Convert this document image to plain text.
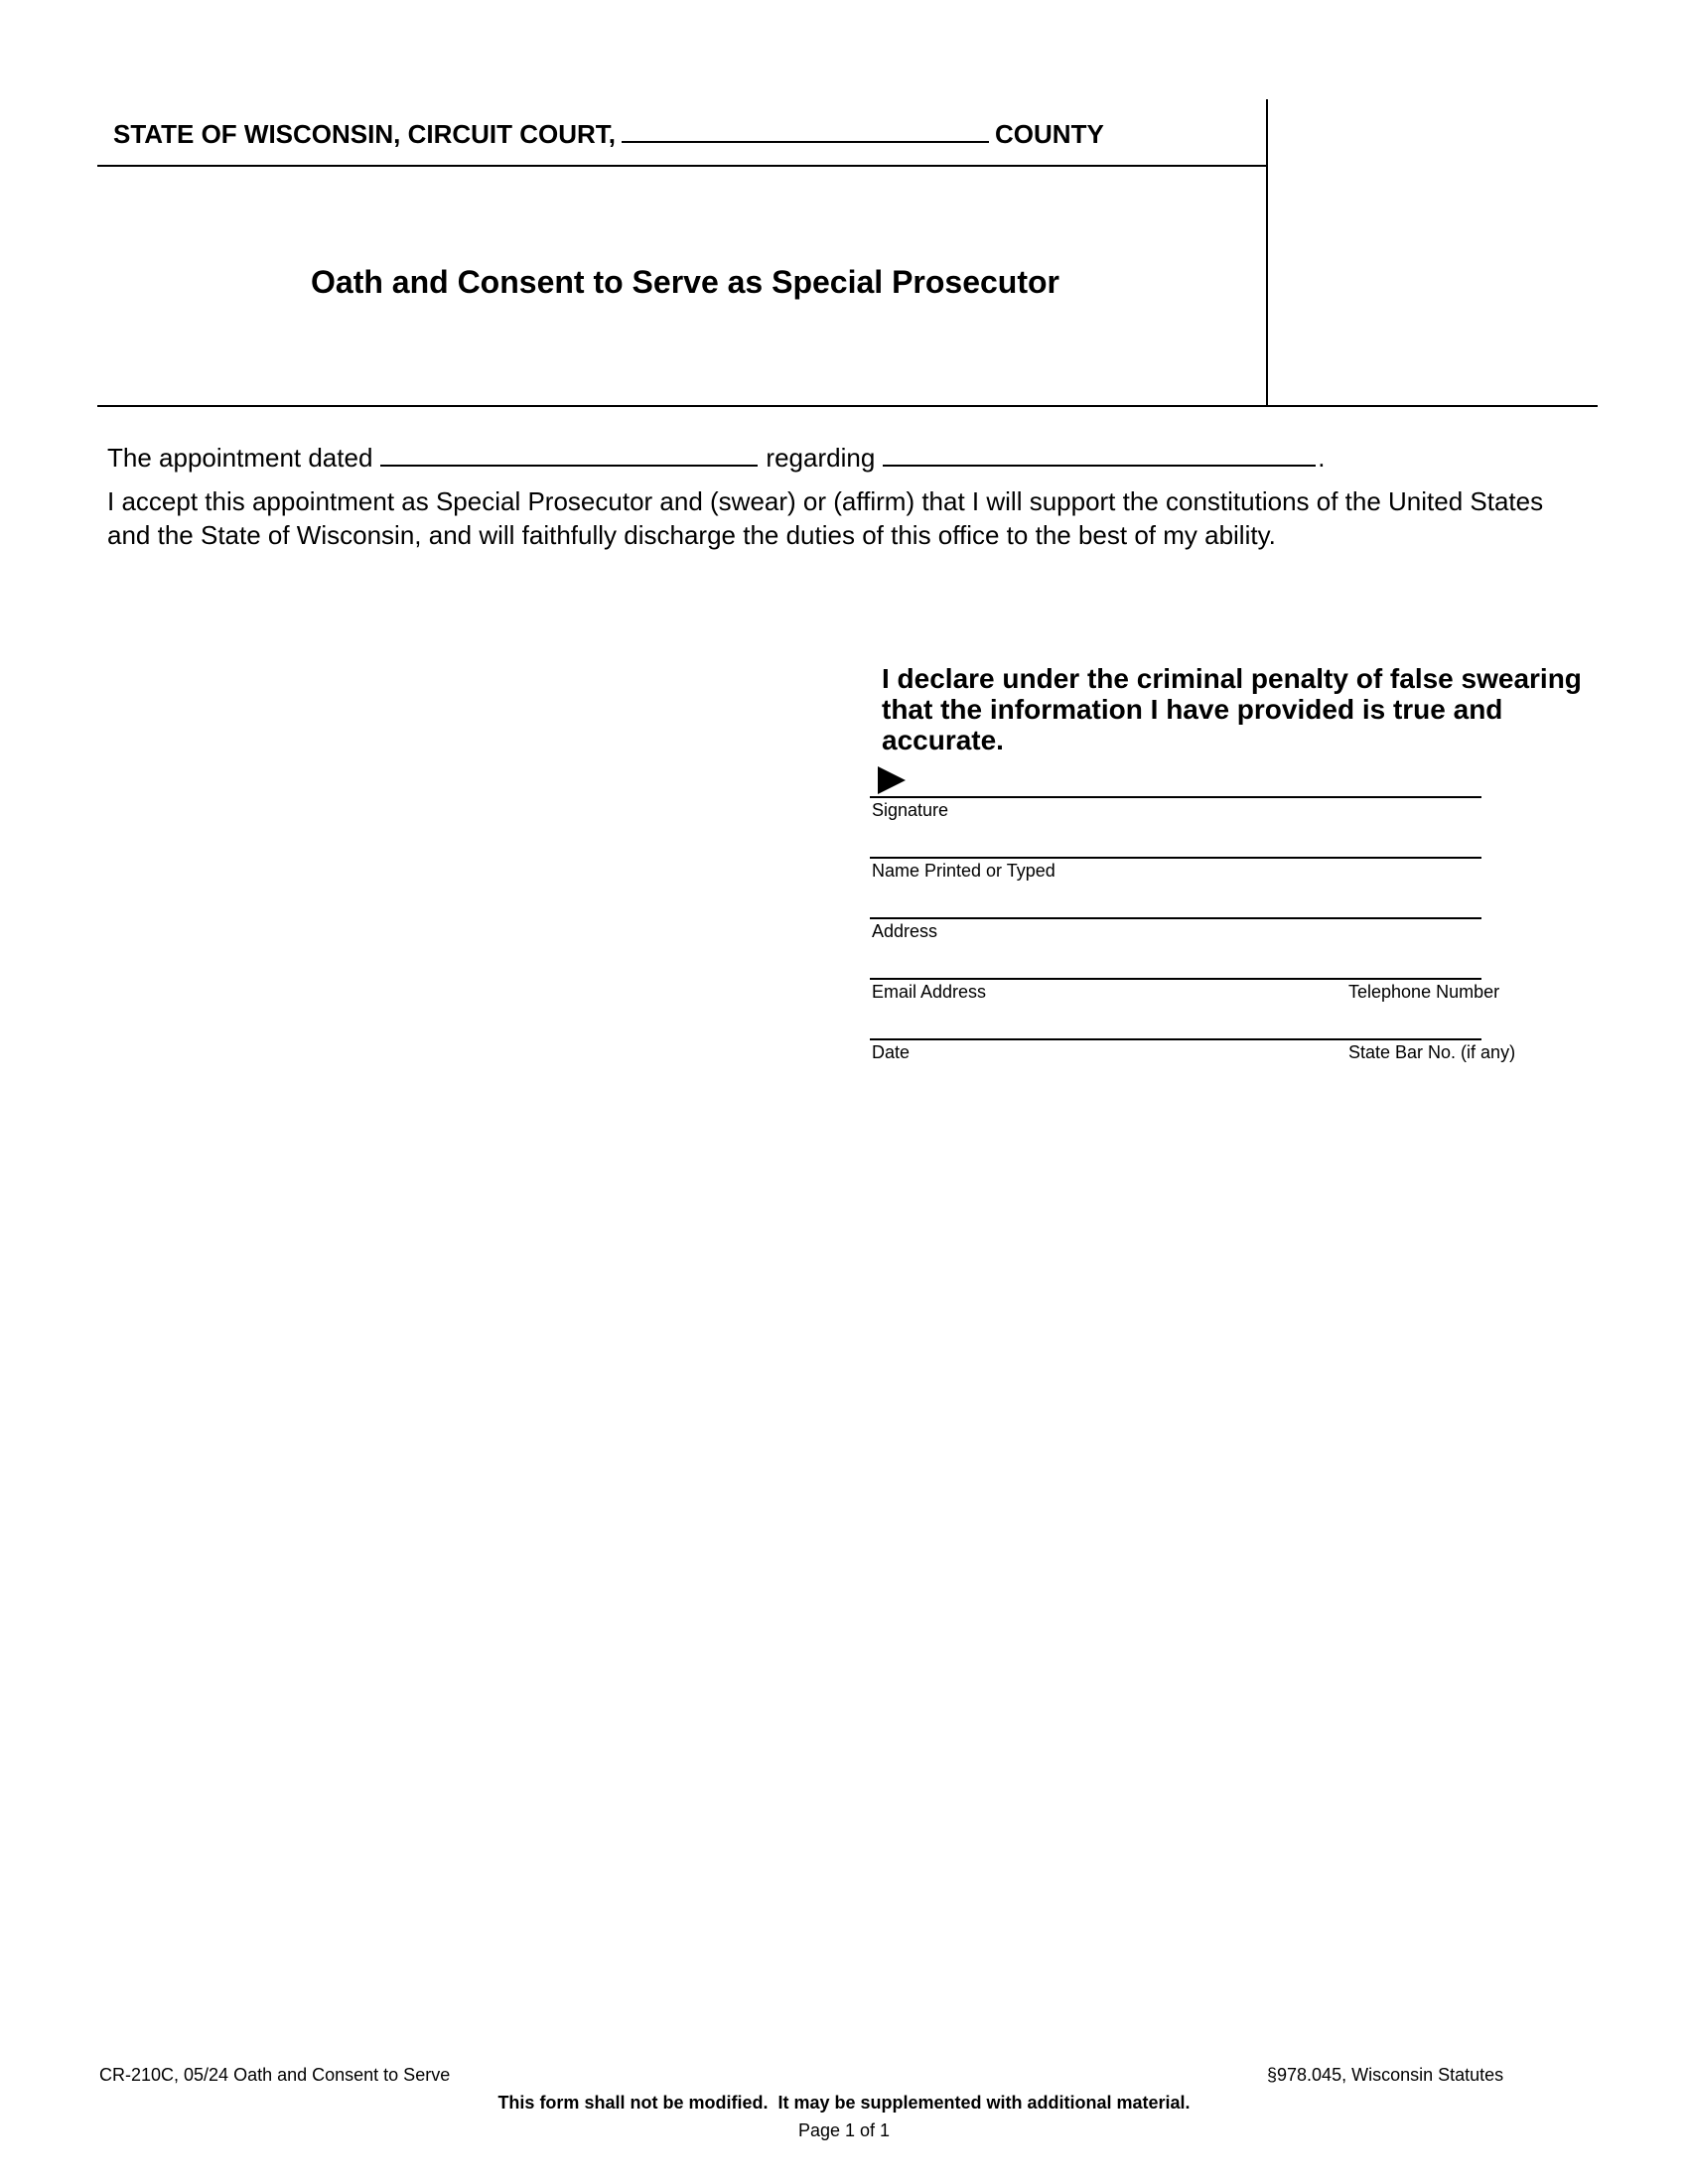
STATE OF WISCONSIN, CIRCUIT COURT,	COUNTY
Oath and Consent to Serve as Special Prosecutor
The appointment dated	regarding	.
I accept this appointment as Special Prosecutor and (swear) or (affirm) that I will support the constitutions of the United States and the State of Wisconsin, and will faithfully discharge the duties of this office to the best of my ability.
I declare under the criminal penalty of false swearing that the information I have provided is true and accurate.
Signature
Name Printed or Typed
Address
Email Address	Telephone Number
Date	State Bar No. (if any)
CR-210C, 05/24 Oath and Consent to Serve	§978.045, Wisconsin Statutes
This form shall not be modified.  It may be supplemented with additional material.
Page 1 of 1
